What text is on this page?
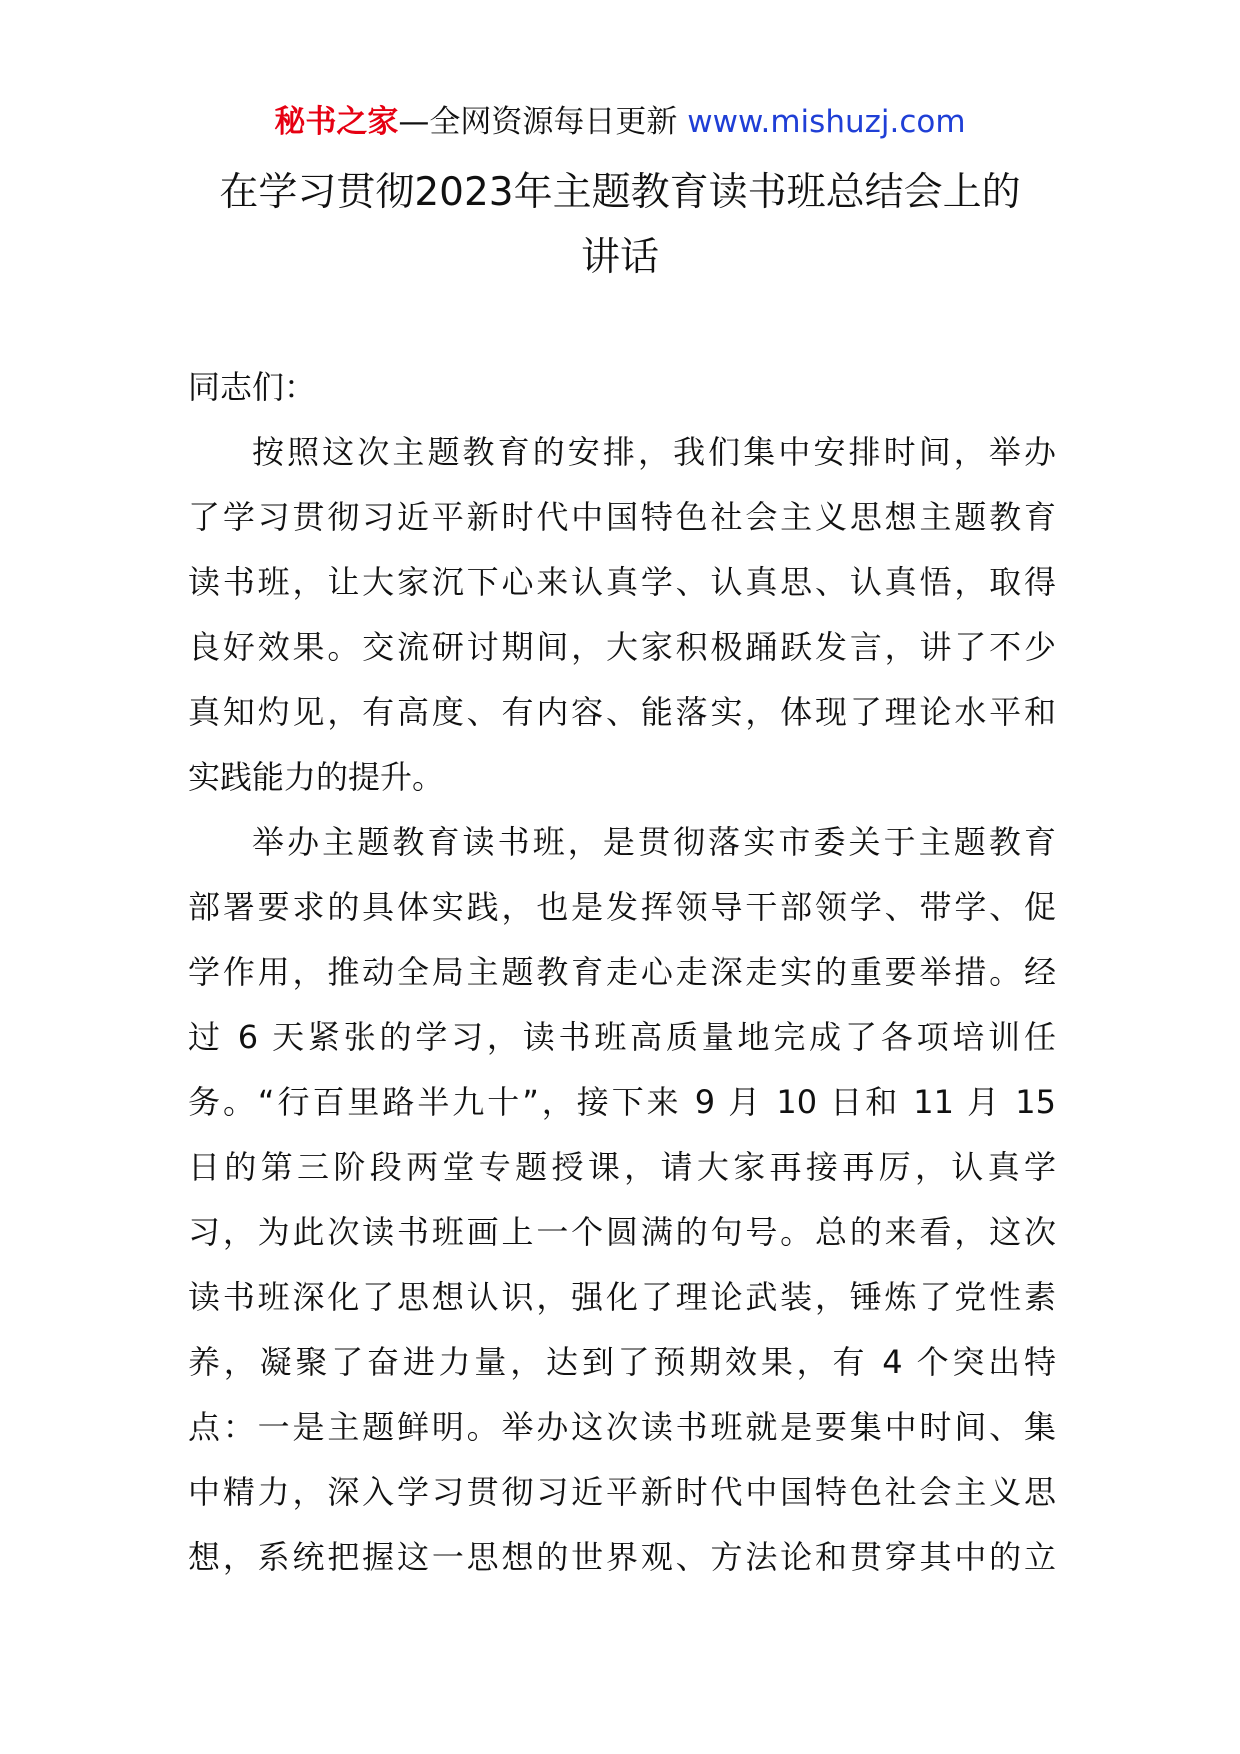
秘书之家—全网资源每日更新 www.mishuzj.com
在学习贯彻2023年主题教育读书班总结会上的
讲话

同志们：

按照这次主题教育的安排，我们集中安排时间，举办
了学习贯彻习近平新时代中国特色社会主义思想主题教育
读书班，让大家沉下心来认真学、认真思、认真悟，取得
良好效果。交流研讨期间，大家积极踊跃发言，讲了不少
真知灼见，有高度、有内容、能落实，体现了理论水平和
实践能力的提升。

举办主题教育读书班，是贯彻落实市委关于主题教育
部署要求的具体实践，也是发挥领导干部领学、带学、促
学作用，推动全局主题教育走心走深走实的重要举措。经
过 6 天紧张的学习，读书班高质量地完成了各项培训任
务。“行百里路半九十”，接下来 9 月 10 日和 11 月 15
日的第三阶段两堂专题授课，请大家再接再厉，认真学
习，为此次读书班画上一个圆满的句号。总的来看，这次
读书班深化了思想认识，强化了理论武装，锤炼了党性素
养，凝聚了奋进力量，达到了预期效果，有 4 个突出特
点：一是主题鲜明。举办这次读书班就是要集中时间、集
中精力，深入学习贯彻习近平新时代中国特色社会主义思
想，系统把握这一思想的世界观、方法论和贯穿其中的立
